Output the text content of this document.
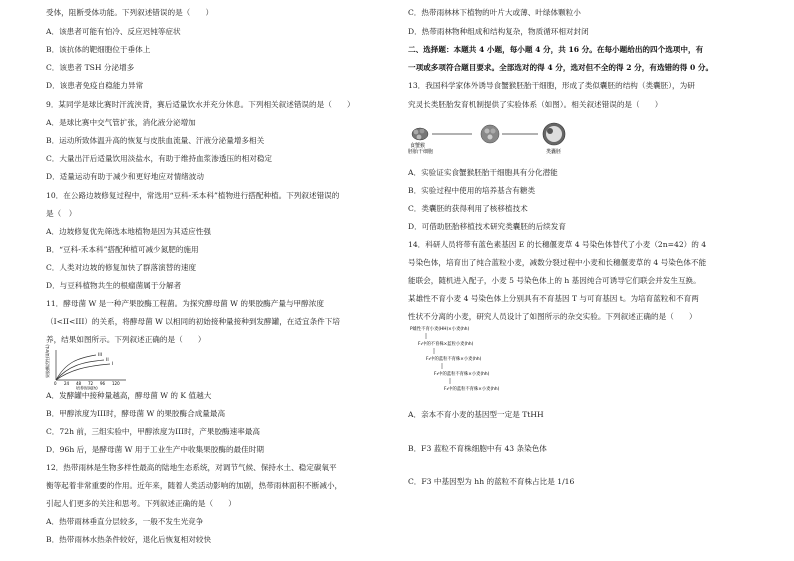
受体，阻断受体功能。下列叙述错误的是（　　）
A．该患者可能有怕冷、反应迟钝等症状
B．该抗体的靶细胞位于垂体上
C．该患者 TSH 分泌增多
D．该患者免疫自稳能力异常
9．某同学是球比赛时汗流浃背，赛后适量饮水并充分休息。下列相关叙述错误的是（　　）
A．是球比赛中交气管扩张，消化液分泌增加
B．运动所致体温升高的恢复与皮肤血流量、汗液分泌量增多相关
C．大量出汗后适量饮用淡盐水，有助于维持血浆渗透压的相对稳定
D．适量运动有助于减少和更好地应对情绪波动
10．在公路边坡修复过程中，常选用“豆科-禾本科”植物进行搭配种植。下列叙述错误的
是（　）
A．边坡修复优先筛选本地植物是因为其适应性强
B．“豆科-禾本科”搭配种植可减少氮肥的施用
C．人类对边坡的修复加快了群落演替的速度
D．与豆科植物共生的根瘤菌属于分解者
11．酵母菌 W 是一种产果胶酶工程菌。为探究酵母菌 W 的果胶酶产量与甲醇浓度
（I<II<III）的关系，将酵母菌 W 以相同的初始接种量接种到发酵罐，在适宜条件下培
养，结果如图所示。下列叙述正确的是（　　）
果胶酶活性(U/mL)	III
II
I
0 24 48 72 96 120
培养时间(h)
A．发酵罐中接种量越高，酵母菌 W 的 K 值越大
B．甲醇浓度为III时，酵母菌 W 的果胶酶合成量最高
C．72h 前，三组实验中，甲醇浓度为III时，产果胶酶速率最高
D．96h 后，是酵母菌 W 用于工业生产中收集果胶酶的最佳时期
12．热带雨林是生物多样性最高的陆地生态系统，对调节气候、保持水土、稳定碳氧平
衡等起着非常重要的作用。近年来，随着人类活动影响的加剧，热带雨林面积不断减小，
引起人们更多的关注和思考。下列叙述正确的是（　　）
A．热带雨林垂直分层较多，一般不发生光竞争
B．热带雨林水热条件较好，退化后恢复相对较快
C．热带雨林林下植物的叶片大或薄、叶绿体颗粒小
D．热带雨林物种组成和结构复杂，物质循环相对封闭
二、选择题：本题共 4 小题，每小题 4 分，共 16 分。在每小题给出的四个选项中，有
一项或多项符合题目要求。全部选对的得 4 分，选对但不全的得 2 分，有选错的得 0 分。
13．我国科学家体外诱导食蟹猴胚胎干细胞，形成了类似囊胚的结构（类囊胚），为研
究灵长类胚胎发育机制提供了实验体系（如图）。相关叙述错误的是（　　）
食蟹猴
胚胎干细胞	类囊胚
A．实验证实食蟹猴胚胎干细胞具有分化潜能
B．实验过程中使用的培养基含有糖类
C．类囊胚的获得利用了核移植技术
D．可借助胚胎移植技术研究类囊胚的后续发育
14．科研人员将带有蓝色素基因 E 的长穗偃麦草 4 号染色体替代了小麦（2n=42）的 4
号染色体，培育出了纯合蓝粒小麦，减数分裂过程中小麦和长穗偃麦草的 4 号染色体不能
能联会，随机进入配子，小麦 5 号染色体上的 h 基因纯合可诱导它们联会并发生互换。
某雄性不育小麦 4 号染色体上分别具有不育基因 T 与可育基因 t。为培育蓝粒和不育两
性状不分离的小麦，研究人员设计了如图所示的杂交实验。下列叙述正确的是（　　）
P雄性不育小麦(HH)×小麦(hh)
F₁中的不育株×蓝粒小麦(hh)
F₂中的蓝粒不育株×小麦(hh)
F₃中的蓝粒不育株×小麦(hh)
F₄中的蓝粒不育株×小麦(hh)
A．亲本不育小麦的基因型一定是 TtHH
B．F3 蓝粒不育株细胞中有 43 条染色体
C．F3 中基因型为 hh 的蓝粒不育株占比是 1/16
